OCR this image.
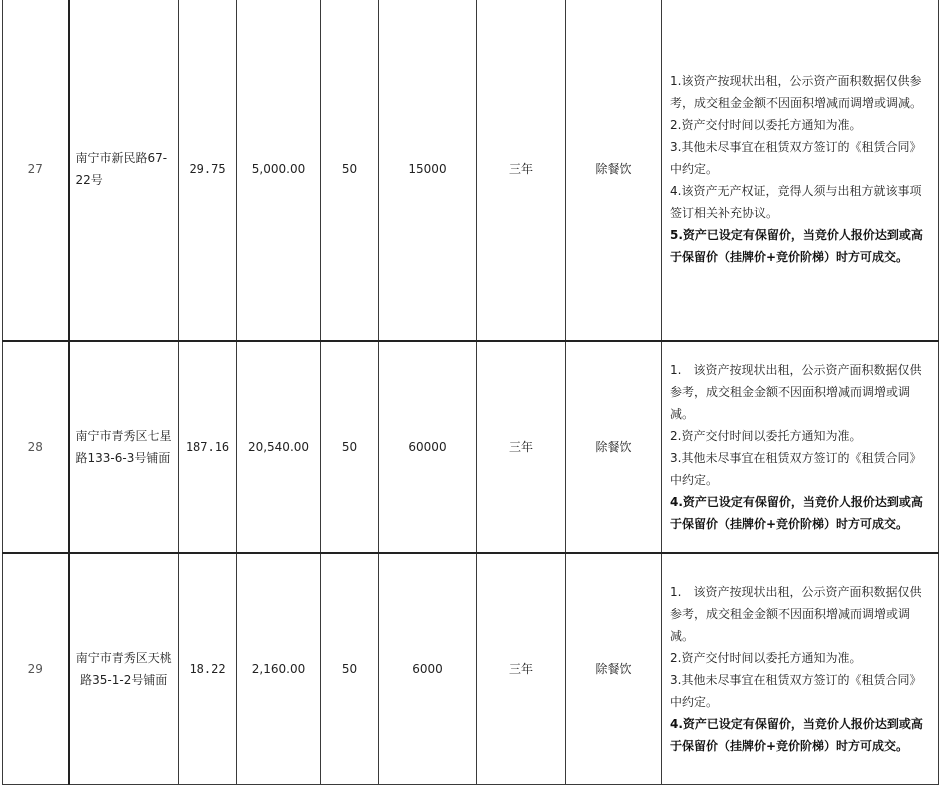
27	南宁市新民路67-22号	29.75	5,000.00	50	15000	三年	除餐饮	1.该资产按现状出租，公示资产面积数据仅供参考，成交租金金额不因面积增减而调增或调减。
2.资产交付时间以委托方通知为准。
3.其他未尽事宜在租赁双方签订的《租赁合同》中约定。
4.该资产无产权证，竞得人须与出租方就该事项签订相关补充协议。
5.资产已设定有保留价，当竞价人报价达到或高于保留价（挂牌价+竞价阶梯）时方可成交。

28	南宁市青秀区七星路133-6-3号铺面	187.16	20,540.00	50	60000	三年	除餐饮	1.　该资产按现状出租，公示资产面积数据仅供参考，成交租金金额不因面积增减而调增或调减。
2.资产交付时间以委托方通知为准。
3.其他未尽事宜在租赁双方签订的《租赁合同》中约定。
4.资产已设定有保留价，当竞价人报价达到或高于保留价（挂牌价+竞价阶梯）时方可成交。

29	南宁市青秀区天桃路35-1-2号铺面	18.22	2,160.00	50	6000	三年	除餐饮	1.　该资产按现状出租，公示资产面积数据仅供参考，成交租金金额不因面积增减而调增或调减。
2.资产交付时间以委托方通知为准。
3.其他未尽事宜在租赁双方签订的《租赁合同》中约定。
4.资产已设定有保留价，当竞价人报价达到或高于保留价（挂牌价+竞价阶梯）时方可成交。
